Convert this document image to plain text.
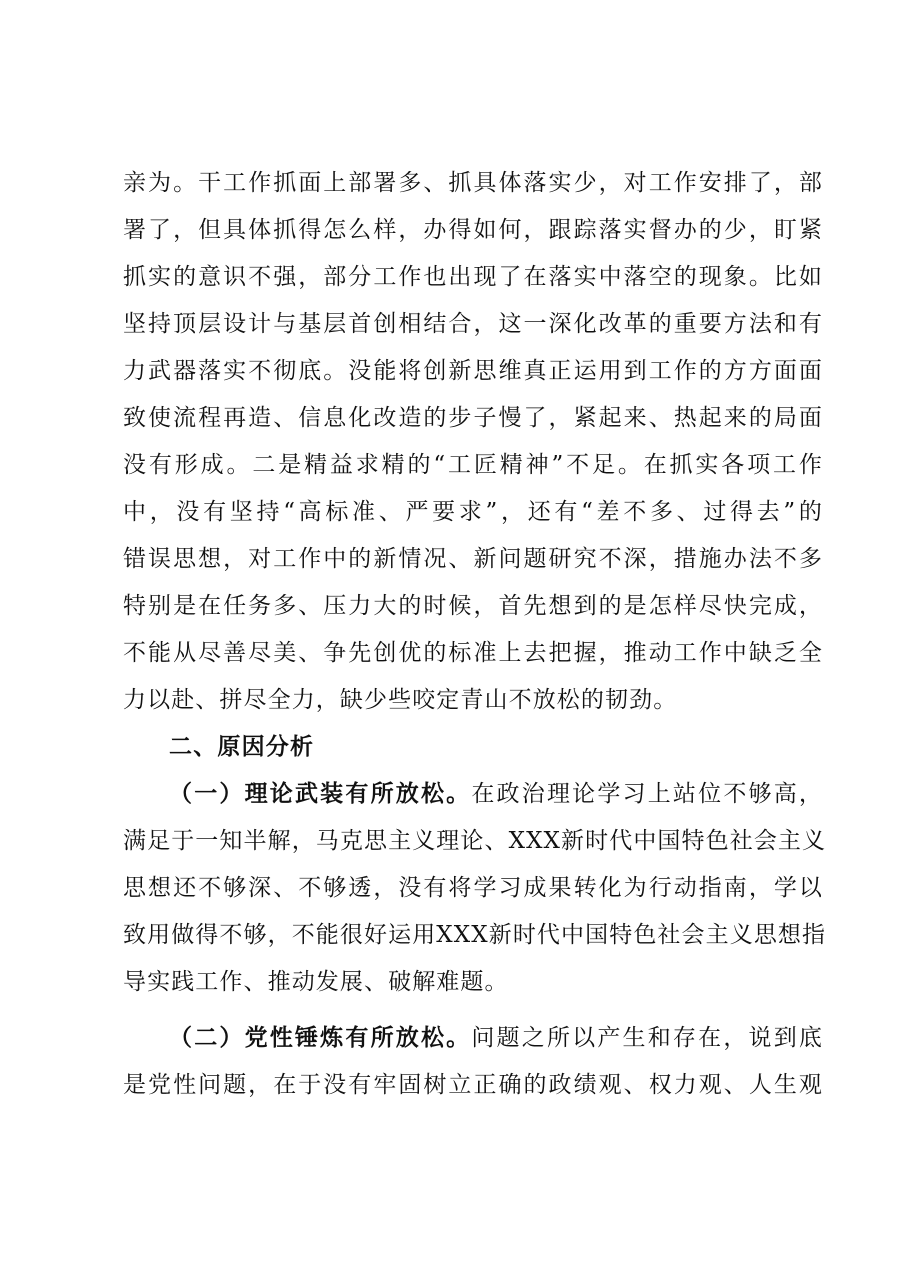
亲为。干工作抓面上部署多、抓具体落实少，对工作安排了，部
署了，但具体抓得怎么样，办得如何，跟踪落实督办的少，盯紧
抓实的意识不强，部分工作也出现了在落实中落空的现象。比如
坚持顶层设计与基层首创相结合，这一深化改革的重要方法和有
力武器落实不彻底。没能将创新思维真正运用到工作的方方面面
致使流程再造、信息化改造的步子慢了，紧起来、热起来的局面
没有形成。二是精益求精的“工匠精神”不足。在抓实各项工作
中，没有坚持“高标准、严要求”，还有“差不多、过得去”的
错误思想，对工作中的新情况、新问题研究不深，措施办法不多
特别是在任务多、压力大的时候，首先想到的是怎样尽快完成，
不能从尽善尽美、争先创优的标准上去把握，推动工作中缺乏全
力以赴、拼尽全力，缺少些咬定青山不放松的韧劲。
二、原因分析
（一）理论武装有所放松。在政治理论学习上站位不够高，
满足于一知半解，马克思主义理论、XXX新时代中国特色社会主义
思想还不够深、不够透，没有将学习成果转化为行动指南，学以
致用做得不够，不能很好运用XXX新时代中国特色社会主义思想指
导实践工作、推动发展、破解难题。
（二）党性锤炼有所放松。问题之所以产生和存在，说到底
是党性问题，在于没有牢固树立正确的政绩观、权力观、人生观
